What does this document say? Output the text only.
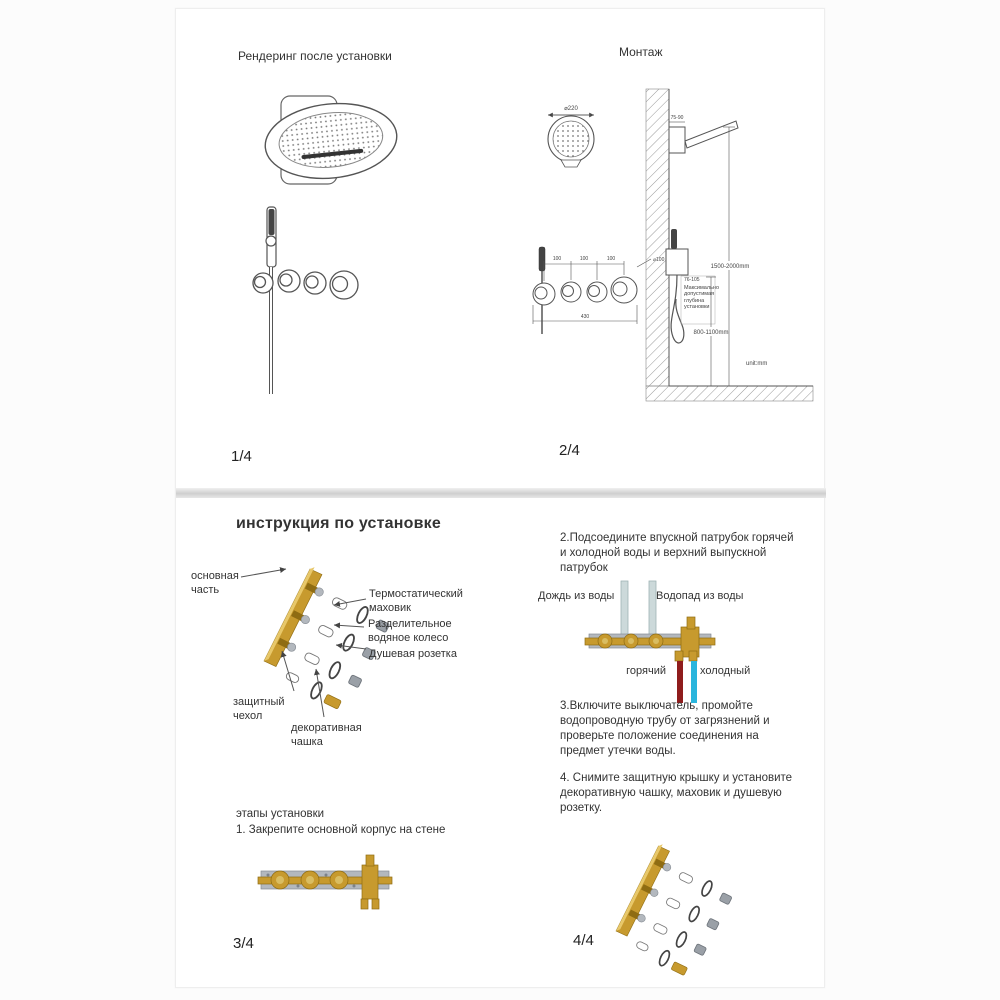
Рендеринг после установки
1/4
Монтаж
⌀220
100	100	100
430
75-90
76-105
800-1100mm
1500-2000mm
unit:mm
Максимально допустимая глубина установки
2/4
инструкция по установке
основная часть	Термостатический маховик
Разделительное водяное колесо
Душевая розетка
защитный чехол
декоративная чашка
этапы установки
1. Закрепите основной корпус на стене
3/4
2.Подсоедините впускной патрубок горячей и холодной воды и верхний выпускной патрубок
Дождь из воды	Водопад из воды
горячий	холодный
3.Включите выключатель, промойте водопроводную трубу от загрязнений и проверьте положение соединения на предмет утечки воды.
4. Снимите защитную крышку и установите декоративную чашку, маховик и душевую розетку.
4/4
